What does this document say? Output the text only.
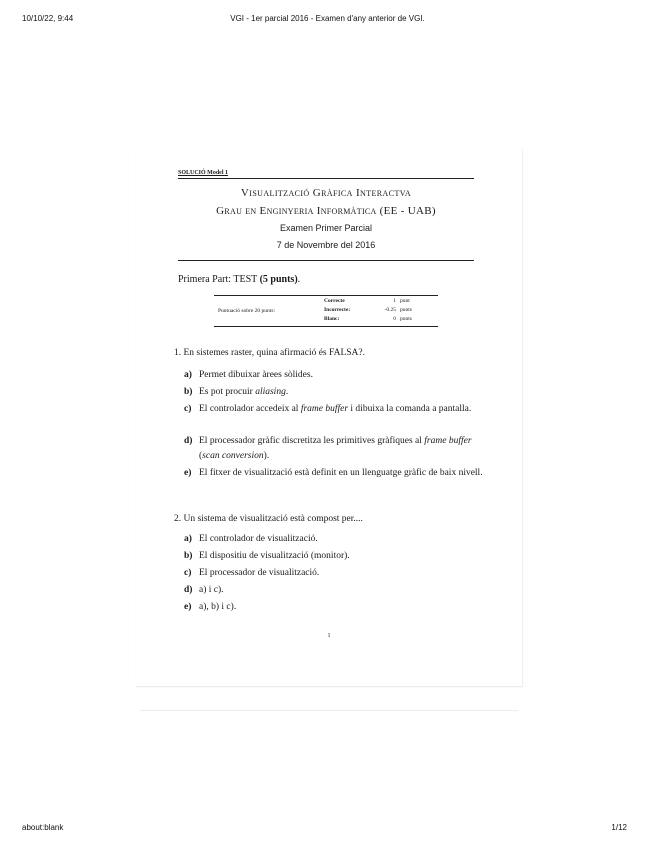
10/10/22, 9:44	VGI - 1er parcial 2016 - Examen d'any anterior de VGI.
SOLUCIÓ Model 1
Visualització Gràfica Interactva
Grau en Enginyeria Informàtica (EE - UAB)
Examen Primer Parcial
7 de Novembre del 2016
Primera Part: TEST (5 punts).
Puntuació sobre 20 punts:
Correcte	1 punt
Incorrecte:	-0.25 punts
Blanc:	0 punts
1. En sistemes raster, quina afirmació és FALSA?.
a) Permet dibuixar àrees sòlides.
b) Es pot procuir aliasing.
c) El controlador accedeix al frame buffer i dibuixa la comanda a pantalla.
d) El processador gràfic discretitza les primitives gràfiques al frame buffer (scan conversion).
e) El fitxer de visualització està definit en un llenguatge gràfic de baix nivell.
2. Un sistema de visualització està compost per....
a) El controlador de visualització.
b) El dispositiu de visualització (monitor).
c) El processador de visualització.
d) a) i c).
e) a), b) i c).
1
about:blank	1/12
